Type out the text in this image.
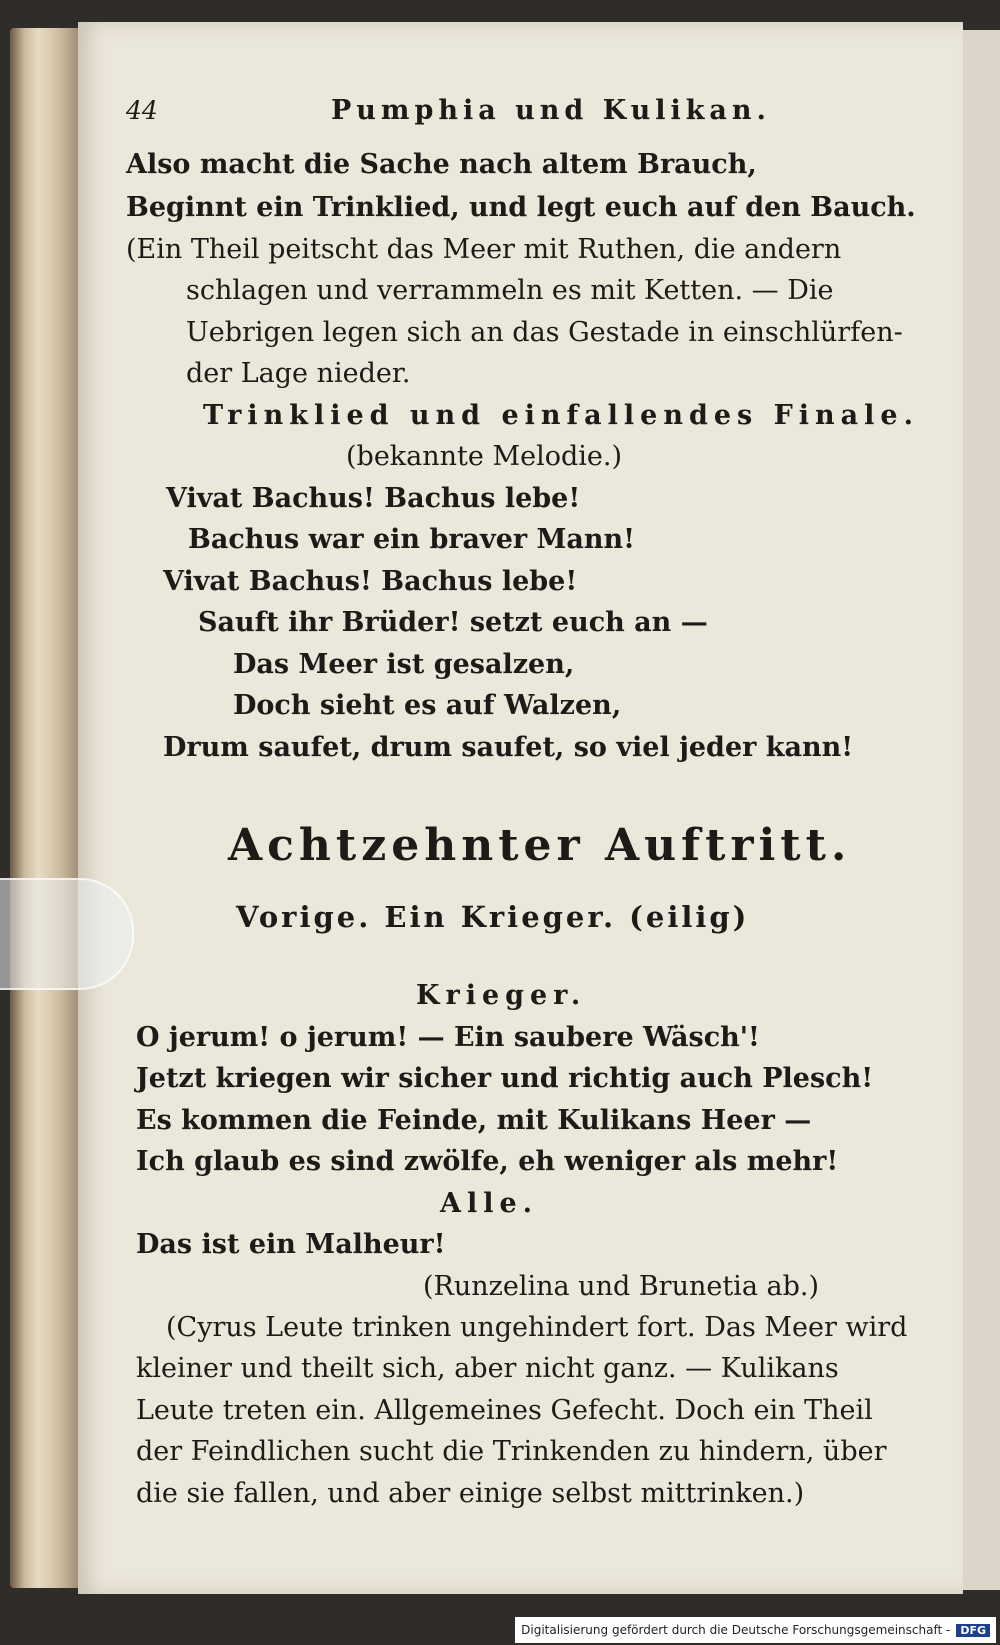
44	Pumphia und Kulikan.
Also macht die Sache nach altem Brauch,
Beginnt ein Trinklied, und legt euch auf den Bauch.
(Ein Theil peitscht das Meer mit Ruthen, die andern
schlagen und verrammeln es mit Ketten. — Die
Uebrigen legen sich an das Gestade in einschlürfen-
der Lage nieder.
Trinklied und einfallendes Finale.
(bekannte Melodie.)
Vivat Bachus! Bachus lebe!
Bachus war ein braver Mann!
Vivat Bachus! Bachus lebe!
Sauft ihr Brüder! setzt euch an —
Das Meer ist gesalzen,
Doch sieht es auf Walzen,
Drum saufet, drum saufet, so viel jeder kann!
Achtzehnter Auftritt.
Vorige. Ein Krieger. (eilig)
Krieger.
O jerum! o jerum! — Ein saubere Wäsch'!
Jetzt kriegen wir sicher und richtig auch Plesch!
Es kommen die Feinde, mit Kulikans Heer —
Ich glaub es sind zwölfe, eh weniger als mehr!
Alle.
Das ist ein Malheur!
(Runzelina und Brunetia ab.)
(Cyrus Leute trinken ungehindert fort. Das Meer wird
kleiner und theilt sich, aber nicht ganz. — Kulikans
Leute treten ein. Allgemeines Gefecht. Doch ein Theil
der Feindlichen sucht die Trinkenden zu hindern, über
die sie fallen, und aber einige selbst mittrinken.)
Digitalisierung gefördert durch die Deutsche Forschungsgemeinschaft - DFG
